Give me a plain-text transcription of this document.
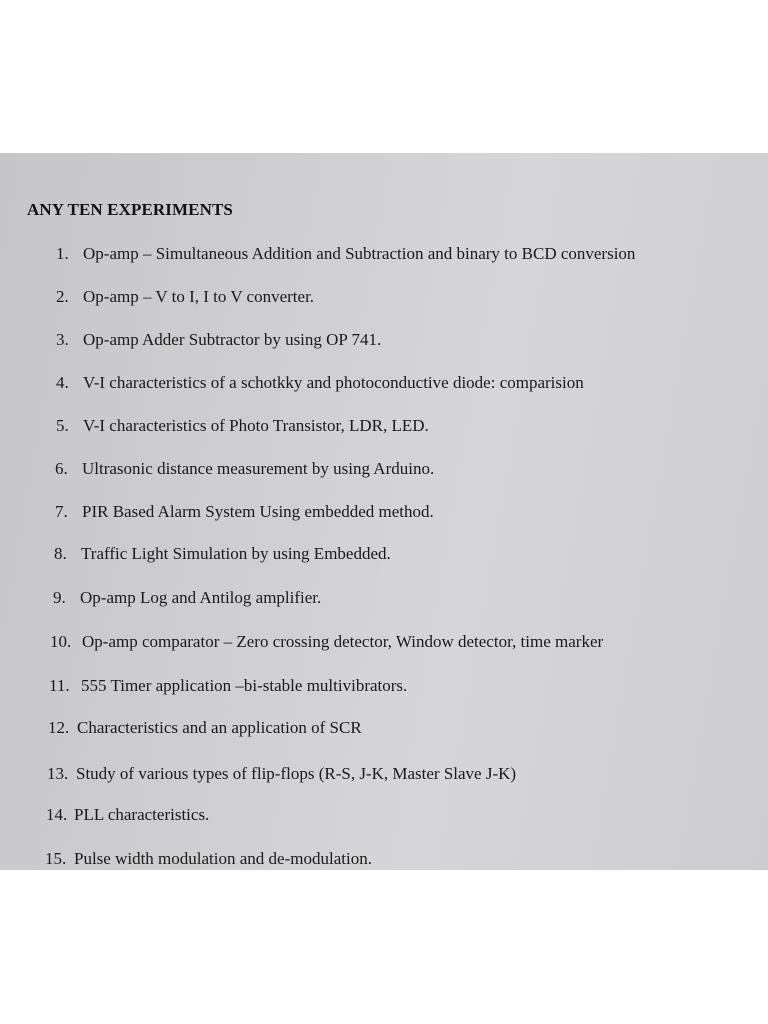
ANY TEN EXPERIMENTS
1. Op-amp – Simultaneous Addition and Subtraction and binary to BCD conversion
2. Op-amp – V to I, I to V converter.
3. Op-amp Adder Subtractor by using OP 741.
4. V-I characteristics of a schotkky and photoconductive diode: comparision
5. V-I characteristics of Photo Transistor, LDR, LED.
6. Ultrasonic distance measurement by using Arduino.
7. PIR Based Alarm System Using embedded method.
8. Traffic Light Simulation by using Embedded.
9. Op-amp Log and Antilog amplifier.
10. Op-amp comparator – Zero crossing detector, Window detector, time marker
11. 555 Timer application –bi-stable multivibrators.
12. Characteristics and an application of SCR
13. Study of various types of flip-flops (R-S, J-K, Master Slave J-K)
14. PLL characteristics.
15. Pulse width modulation and de-modulation.
